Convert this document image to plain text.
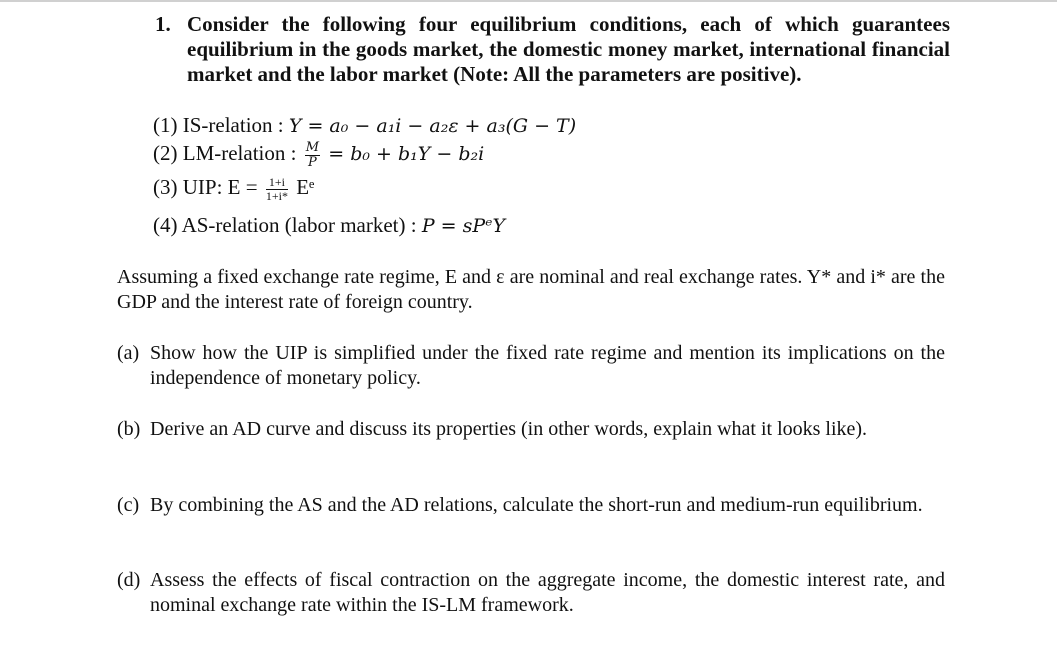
1. Consider the following four equilibrium conditions, each of which guarantees equilibrium in the goods market, the domestic money market, international financial market and the labor market (Note: All the parameters are positive).
(1) IS-relation : Y = a₀ − a₁i − a₂ε + a₃(G − T)
(2) LM-relation : $\frac{M}{P} = b_0 + b_1Y - b_2i$
(3) UIP: $E = \frac{1+i}{1+i*}$ Eᵉ
(4) AS-relation (labor market) : P = sPᵉY
Assuming a fixed exchange rate regime, E and ε are nominal and real exchange rates. Y* and i* are the GDP and the interest rate of foreign country.
(a) Show how the UIP is simplified under the fixed rate regime and mention its implications on the independence of monetary policy.
(b) Derive an AD curve and discuss its properties (in other words, explain what it looks like).
(c) By combining the AS and the AD relations, calculate the short-run and medium-run equilibrium.
(d) Assess the effects of fiscal contraction on the aggregate income, the domestic interest rate, and nominal exchange rate within the IS-LM framework.
